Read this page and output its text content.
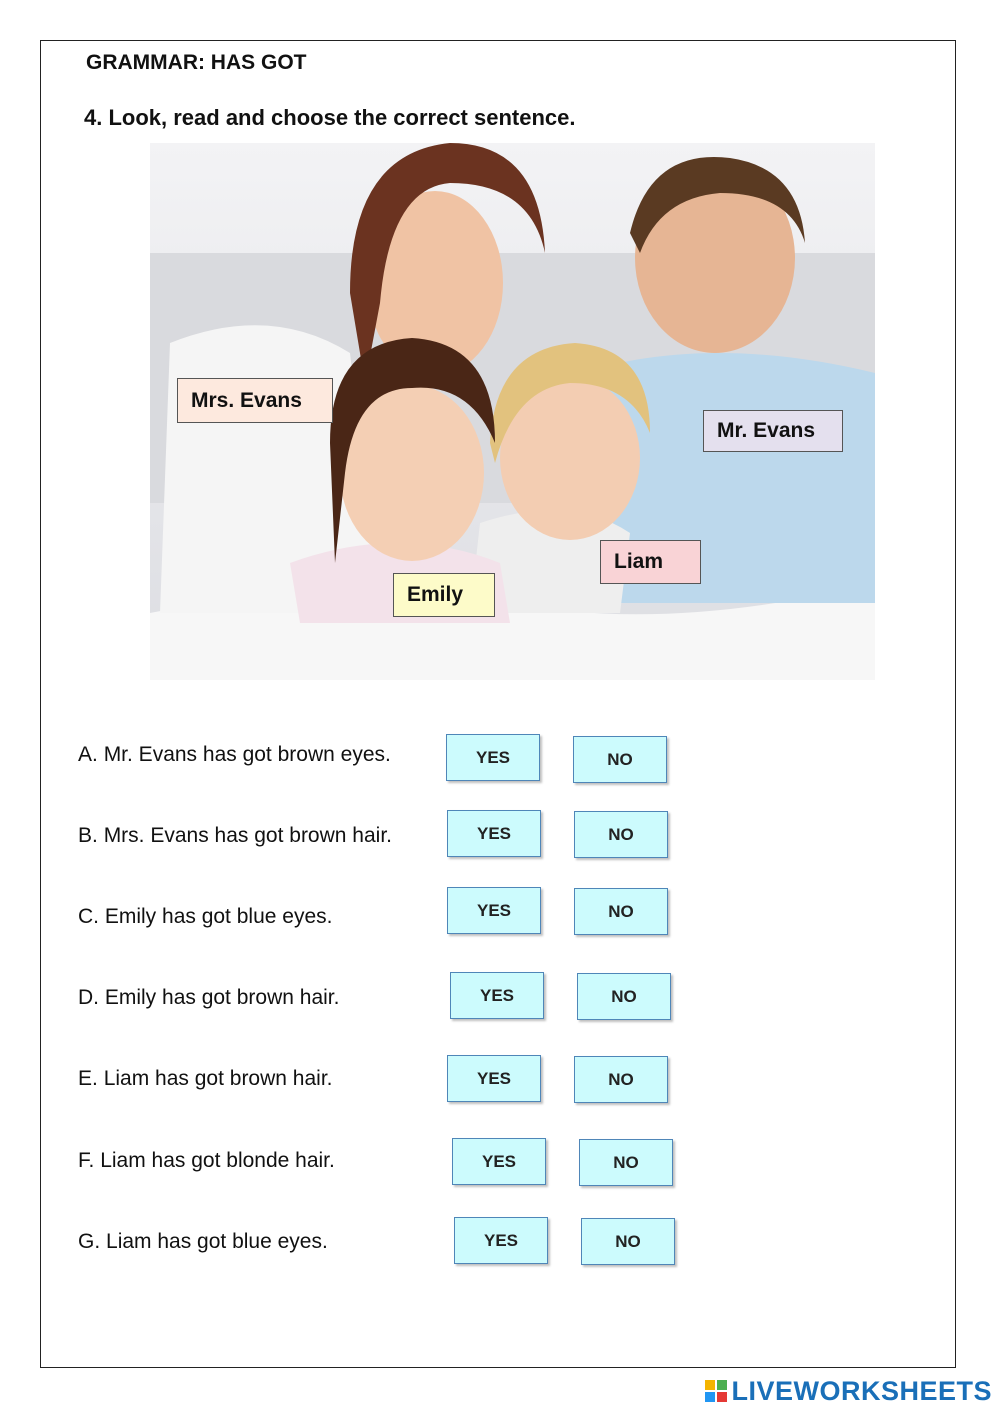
GRAMMAR: HAS GOT
4. Look, read and choose the correct sentence.
Mrs. Evans
Mr. Evans
Liam
Emily
A. Mr. Evans has got brown eyes.	YES	NO
B. Mrs. Evans has got brown hair.	YES	NO
C. Emily has got blue eyes.	YES	NO
D. Emily has got brown hair.	YES	NO
E. Liam has got brown hair.	YES	NO
F. Liam has got blonde hair.	YES	NO
G. Liam has got blue eyes.	YES	NO
LIVEWORKSHEETS
